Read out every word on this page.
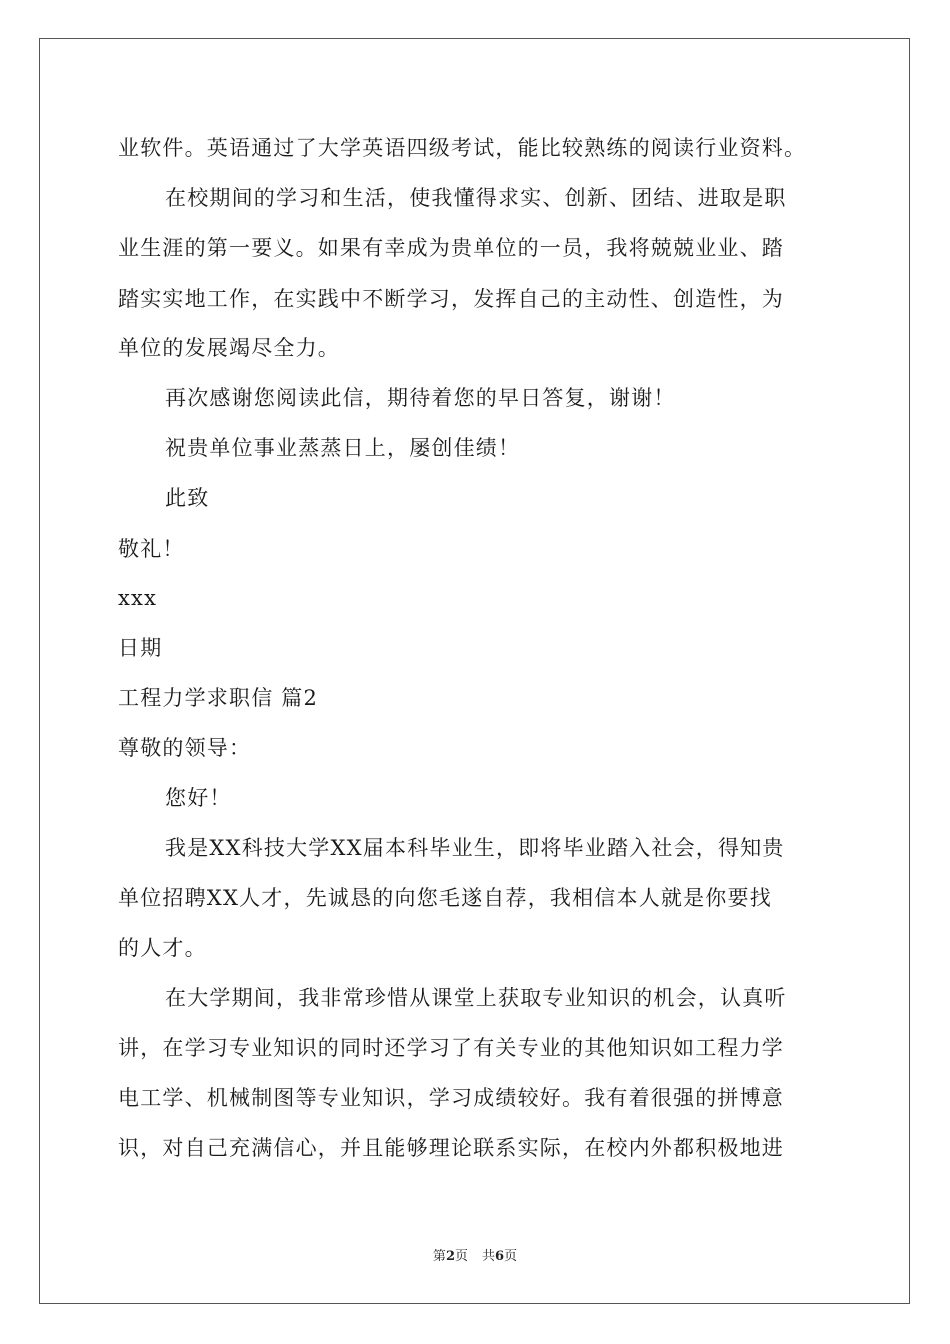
业软件。英语通过了大学英语四级考试，能比较熟练的阅读行业资料。
在校期间的学习和生活，使我懂得求实、创新、团结、进取是职
业生涯的第一要义。如果有幸成为贵单位的一员，我将兢兢业业、踏
踏实实地工作，在实践中不断学习，发挥自己的主动性、创造性，为
单位的发展竭尽全力。
再次感谢您阅读此信，期待着您的早日答复，谢谢！
祝贵单位事业蒸蒸日上，屡创佳绩！
此致
敬礼！
xxx
日期
工程力学求职信 篇2
尊敬的领导：
您好！
我是XX科技大学XX届本科毕业生，即将毕业踏入社会，得知贵
单位招聘XX人才，先诚恳的向您毛遂自荐，我相信本人就是你要找
的人才。
在大学期间，我非常珍惜从课堂上获取专业知识的机会，认真听
讲，在学习专业知识的同时还学习了有关专业的其他知识如工程力学
电工学、机械制图等专业知识，学习成绩较好。我有着很强的拼博意
识，对自己充满信心，并且能够理论联系实际，在校内外都积极地进
第2页 共6页
